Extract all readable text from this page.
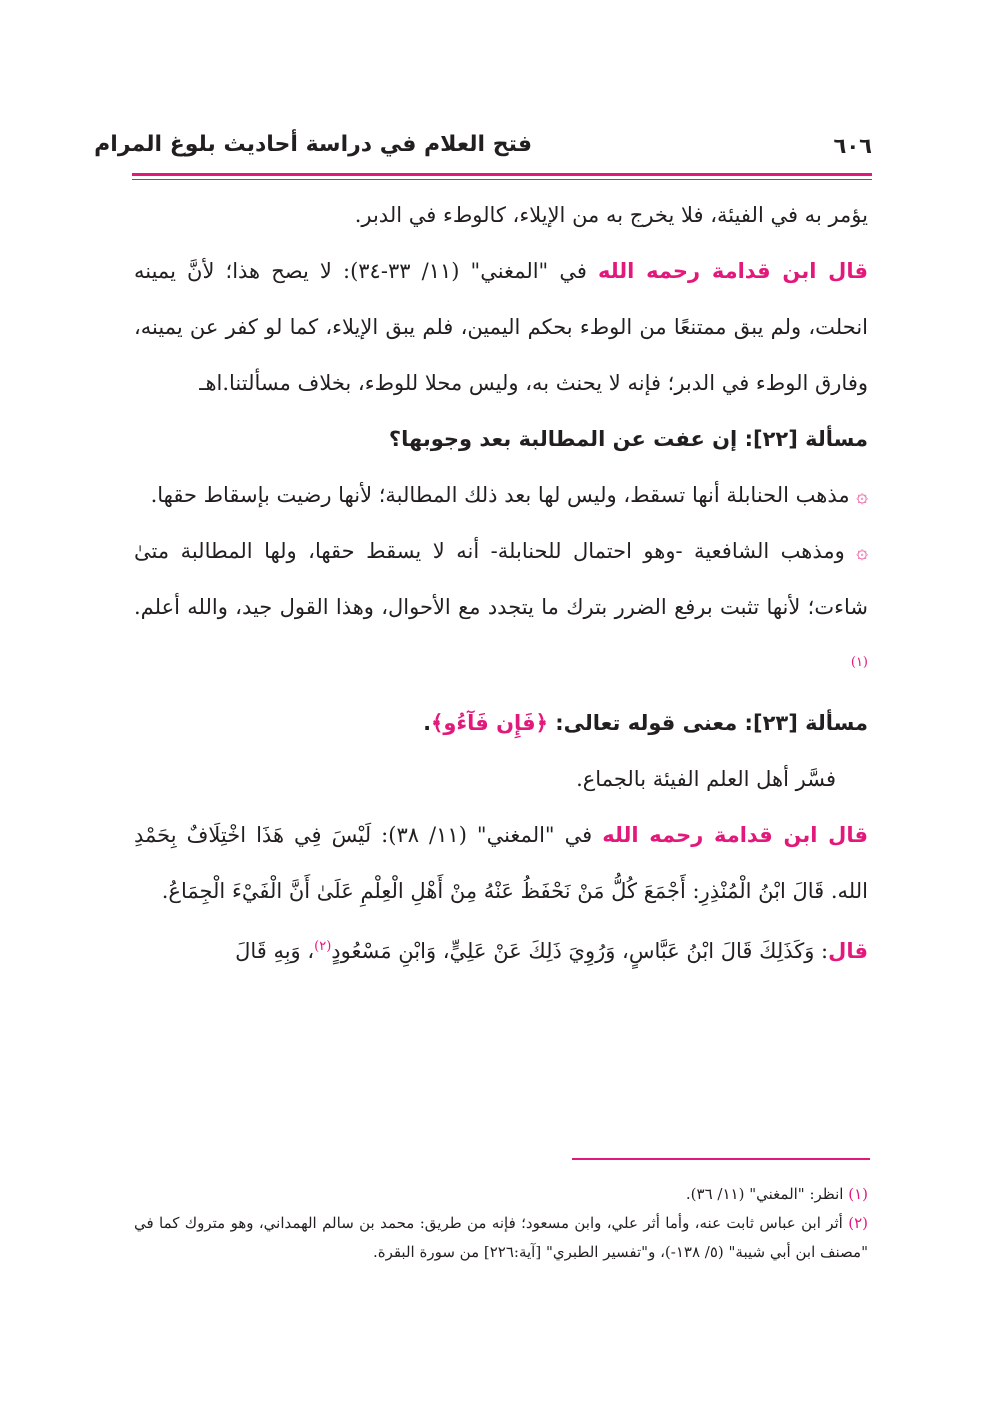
٦٠٦
فتح العلام في دراسة أحاديث بلوغ المرام

يؤمر به في الفيئة، فلا يخرج به من الإيلاء، كالوطء في الدبر.

قال ابن قدامة رحمه الله في "المغني" (١١/ ٣٣-٣٤): لا يصح هذا؛ لأنَّ يمينه انحلت، ولم يبق ممتنعًا من الوطء بحكم اليمين، فلم يبق الإيلاء، كما لو كفر عن يمينه، وفارق الوطء في الدبر؛ فإنه لا يحنث به، وليس محلا للوطء، بخلاف مسألتنا.اهـ

مسألة [٢٢]: إن عفت عن المطالبة بعد وجوبها؟

۞ مذهب الحنابلة أنها تسقط، وليس لها بعد ذلك المطالبة؛ لأنها رضيت بإسقاط حقها.

۞ ومذهب الشافعية -وهو احتمال للحنابلة- أنه لا يسقط حقها، ولها المطالبة متىٰ شاءت؛ لأنها تثبت برفع الضرر بترك ما يتجدد مع الأحوال، وهذا القول جيد، والله أعلم.$^{(١)}$

مسألة [٢٣]: معنى قوله تعالى: ﴿فَإِن فَآءُو﴾.

فسَّر أهل العلم الفيئة بالجماع.

قال ابن قدامة رحمه الله في "المغني" (١١/ ٣٨): لَيْسَ فِي هَذَا اخْتِلَافٌ بِحَمْدِ الله. قَالَ ابْنُ الْمُنْذِرِ: أَجْمَعَ كُلُّ مَنْ نَحْفَظُ عَنْهُ مِنْ أَهْلِ الْعِلْمِ عَلَىٰ أَنَّ الْفَيْءَ الْجِمَاعُ.

قال: وَكَذَلِكَ قَالَ ابْنُ عَبَّاسٍ، وَرُوِيَ ذَلِكَ عَنْ عَلِيٍّ، وَابْنِ مَسْعُودٍ$^{(٢)}$، وَبِهِ قَالَ

(١) انظر: "المغني" (١١/ ٣٦).

(٢) أثر ابن عباس ثابت عنه، وأما أثر علي، وابن مسعود؛ فإنه من طريق: محمد بن سالم الهمداني، وهو متروك كما في "مصنف ابن أبي شيبة" (٥/ ١٣٨-)، و"تفسير الطبري" [آية:٢٢٦] من سورة البقرة.
